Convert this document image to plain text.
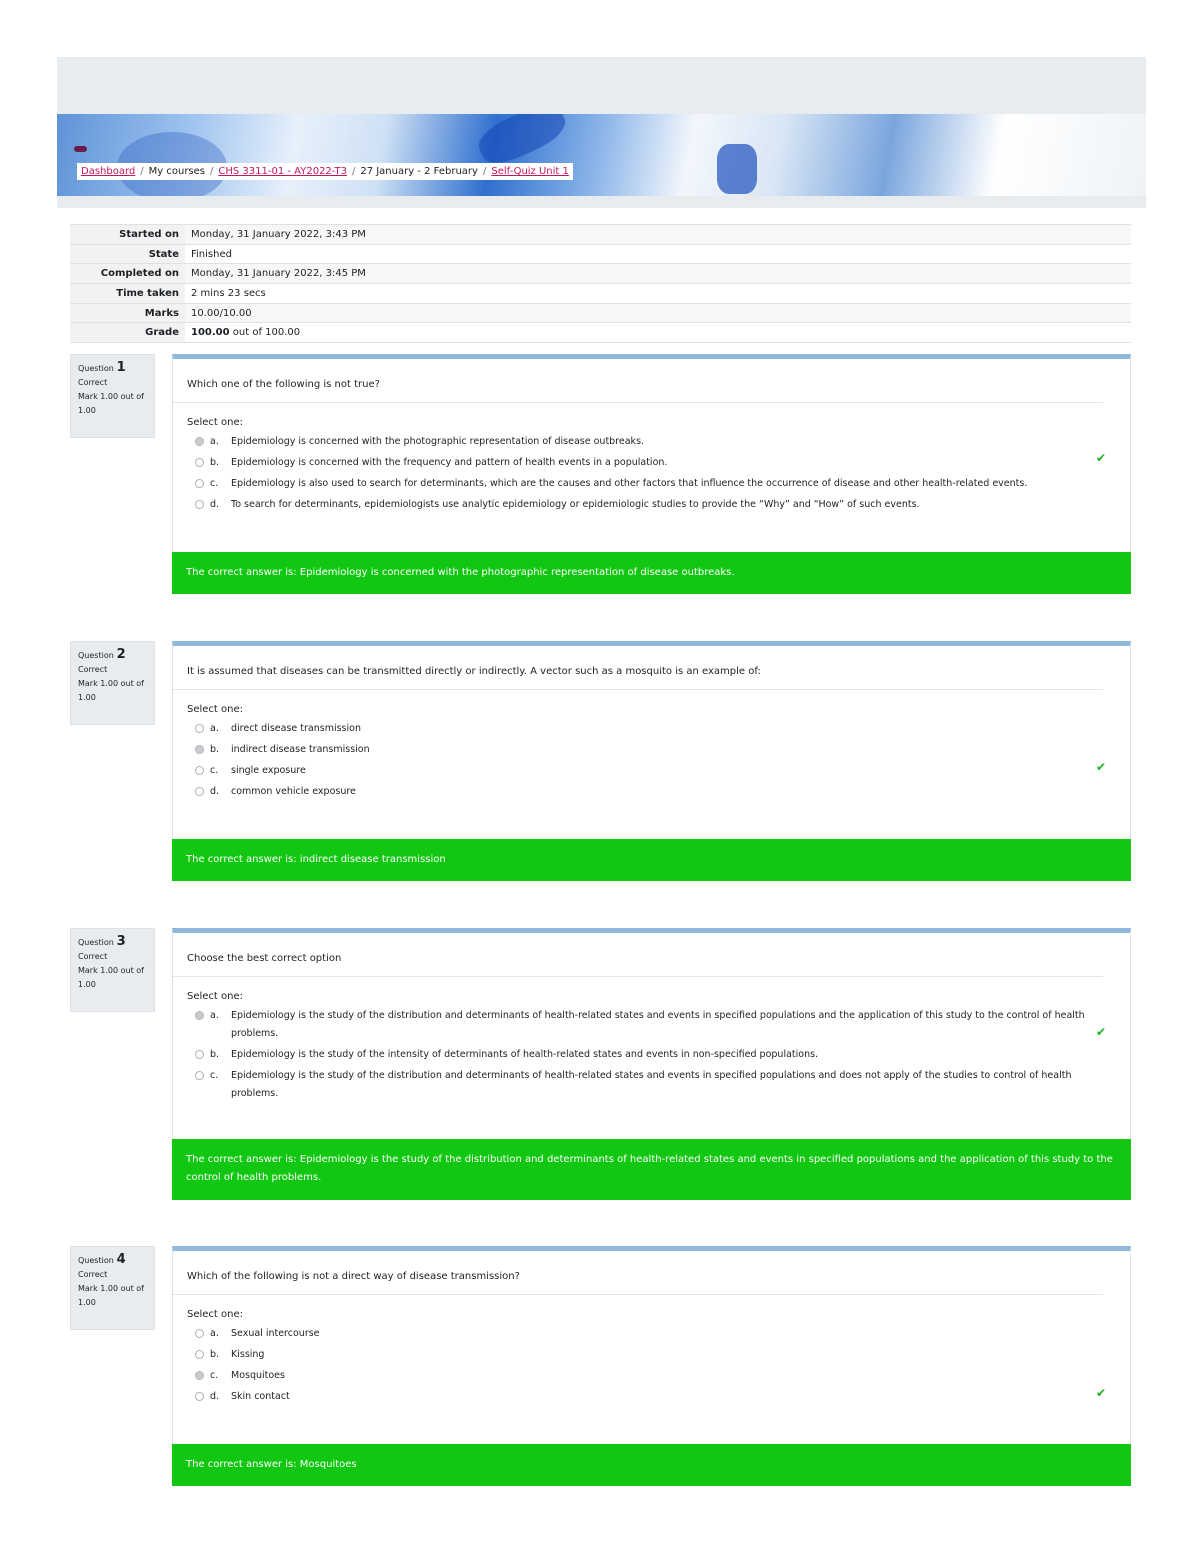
Dashboard / My courses / CHS 3311-01 - AY2022-T3 / 27 January - 2 February / Self-Quiz Unit 1
Started on	Monday, 31 January 2022, 3:43 PM
State	Finished
Completed on	Monday, 31 January 2022, 3:45 PM
Time taken	2 mins 23 secs
Marks	10.00/10.00
Grade	100.00 out of 100.00
Question 1
Correct
Mark 1.00 out of 1.00
Which one of the following is not true?
Select one:
a.	Epidemiology is concerned with the photographic representation of disease outbreaks.
b.	Epidemiology is concerned with the frequency and pattern of health events in a population.
c.	Epidemiology is also used to search for determinants, which are the causes and other factors that influence the occurrence of disease and other health-related events.
d.	To search for determinants, epidemiologists use analytic epidemiology or epidemiologic studies to provide the “Why” and “How” of such events.
✔
The correct answer is: Epidemiology is concerned with the photographic representation of disease outbreaks.
Question 2
Correct
Mark 1.00 out of 1.00
It is assumed that diseases can be transmitted directly or indirectly. A vector such as a mosquito is an example of:
Select one:
a.	direct disease transmission
b.	indirect disease transmission
c.	single exposure
d.	common vehicle exposure
✔
The correct answer is: indirect disease transmission
Question 3
Correct
Mark 1.00 out of 1.00
Choose the best correct option
Select one:
a.	Epidemiology is the study of the distribution and determinants of health-related states and events in specified populations and the application of this study to the control of health problems.
b.	Epidemiology is the study of the intensity of determinants of health-related states and events in non-specified populations.
c.	Epidemiology is the study of the distribution and determinants of health-related states and events in specified populations and does not apply of the studies to control of health problems.
✔
The correct answer is: Epidemiology is the study of the distribution and determinants of health-related states and events in specified populations and the application of this study to the control of health problems.
Question 4
Correct
Mark 1.00 out of 1.00
Which of the following is not a direct way of disease transmission?
Select one:
a.	Sexual intercourse
b.	Kissing
c.	Mosquitoes
d.	Skin contact	✔
The correct answer is: Mosquitoes
